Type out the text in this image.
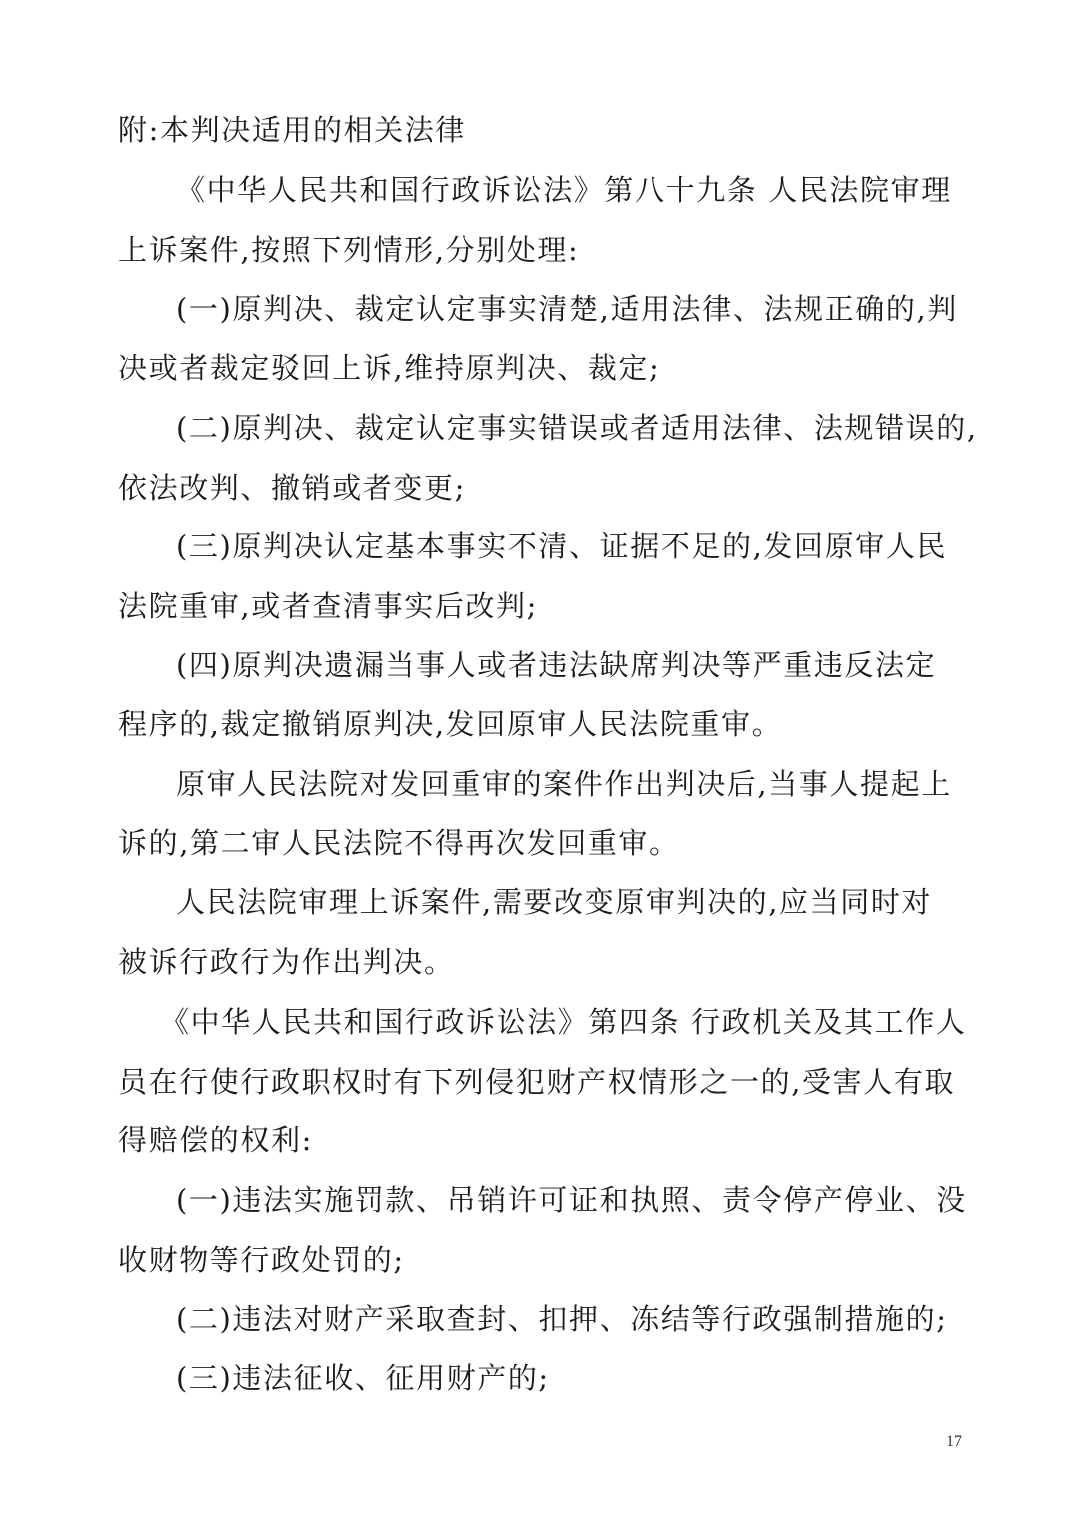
附:本判决适用的相关法律
《中华人民共和国行政诉讼法》第八十九条 人民法院审理
上诉案件,按照下列情形,分别处理:
(一)原判决、裁定认定事实清楚,适用法律、法规正确的,判
决或者裁定驳回上诉,维持原判决、裁定;
(二)原判决、裁定认定事实错误或者适用法律、法规错误的,
依法改判、撤销或者变更;
(三)原判决认定基本事实不清、证据不足的,发回原审人民
法院重审,或者查清事实后改判;
(四)原判决遗漏当事人或者违法缺席判决等严重违反法定
程序的,裁定撤销原判决,发回原审人民法院重审。
原审人民法院对发回重审的案件作出判决后,当事人提起上
诉的,第二审人民法院不得再次发回重审。
人民法院审理上诉案件,需要改变原审判决的,应当同时对
被诉行政行为作出判决。
《中华人民共和国行政诉讼法》第四条 行政机关及其工作人
员在行使行政职权时有下列侵犯财产权情形之一的,受害人有取
得赔偿的权利:
(一)违法实施罚款、吊销许可证和执照、责令停产停业、没
收财物等行政处罚的;
(二)违法对财产采取查封、扣押、冻结等行政强制措施的;
(三)违法征收、征用财产的;
17
